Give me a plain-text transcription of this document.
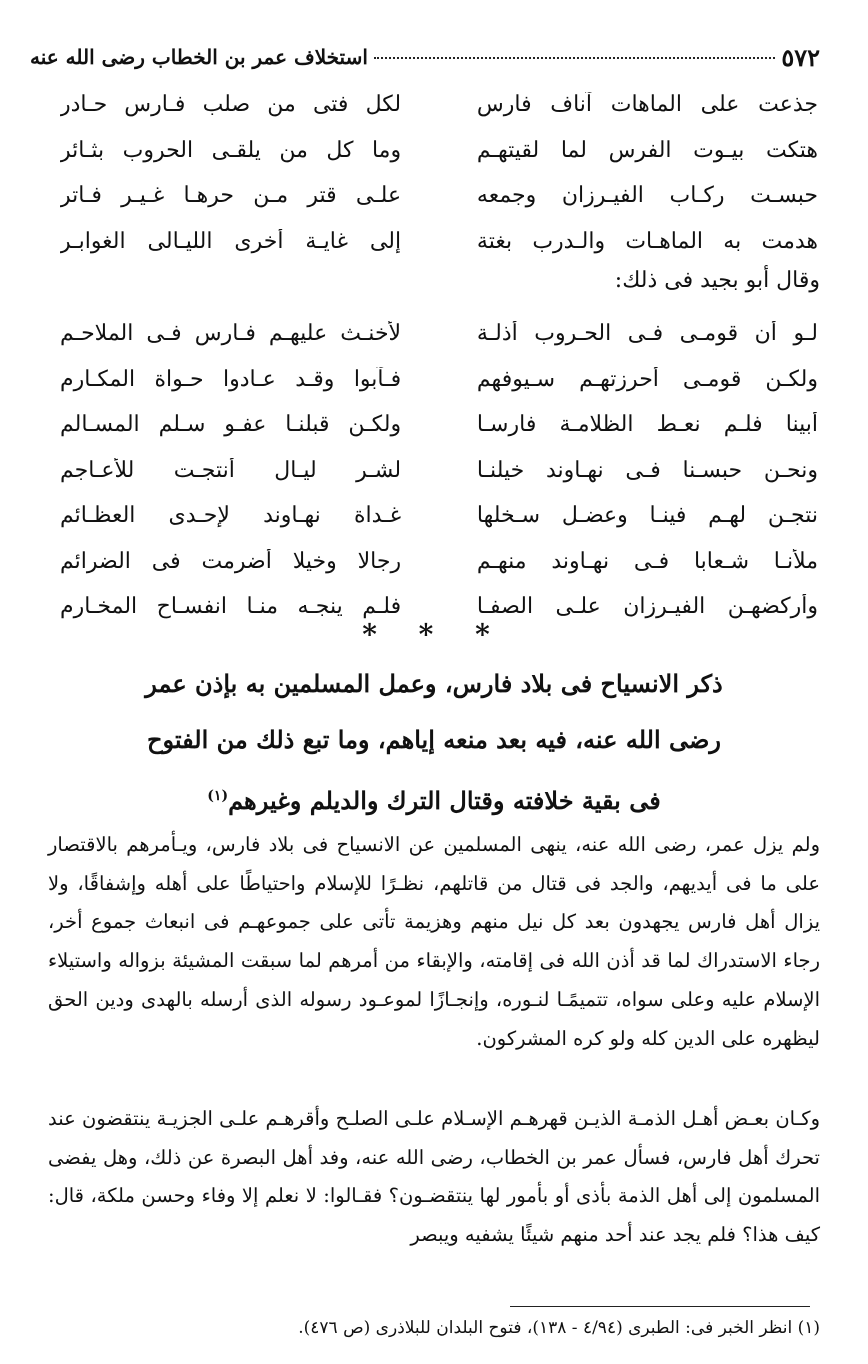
٥٧٢
استخلاف عمر بن الخطاب رضى الله عنه
جذعت على الماهات آناف فارس
لكل فتى من صلب فـارس حـادر
هتكت بيـوت الفرس لما لقيتهـم
وما كل من يلقـى الحروب بثـائر
حبسـت ركـاب الفيـرزان وجمعه
علـى قتر مـن حرهـا غـيـر فـاتر
هدمت به الماهـات والـدرب بغتة
إلى غايـة أخرى الليـالى الغوابـر
وقال أبو بجيد فى ذلك:
لـو أن قومـى فـى الحـروب أذلـة
لأخنـث عليهـم فـارس فـى الملاحـم
ولكـن قومـى أحرزتهـم سـيوفهم
فـآبوا وقـد عـادوا حـواة المكـارم
أبينا فلـم نعـط الظلامـة فارسـا
ولكـن قبلنـا عفـو سـلم المسـالم
ونحـن حبسـنا فـى نهـاوند خيلنـا
لشـر ليـال أنتجـت للأعـاجم
نتجـن لهـم فينـا وعضـل سـخلها
غـداة نهـاوند لإحـدى العظـائم
ملأنـا شـعابا فـى نهـاوند منهـم
رجالا وخيلا أضرمت فى الضرائم
وأركضهـن الفيـرزان علـى الصفـا
فلـم ينجـه منـا انفسـاح المخـارم
* * *
ذكر الانسياح فى بلاد فارس، وعمل المسلمين به بإذن عمر
رضى الله عنه، فيه بعد منعه إياهم، وما تبع ذلك من الفتوح
فى بقية خلافته وقتال الترك والديلم وغيرهم$^{(١)}$

ولم يزل عمر، رضى الله عنه، ينهى المسلمين عن الانسياح فى بلاد فارس، ويـأمرهم بالاقتصار على ما فى أيديهم، والجد فى قتال من قاتلهم، نظـرًا للإسلام واحتياطًا على أهله وإشفاقًا، ولا يزال أهل فارس يجهدون بعد كل نيل منهم وهزيمة تأتى على جموعهـم فى انبعاث جموع أخر، رجاء الاستدراك لما قد أذن الله فى إقامته، والإبقاء من أمرهم لما سبقت المشيئة بزواله واستيلاء الإسلام عليه وعلى سواه، تتميمًـا لنـوره، وإنجـازًا لموعـود رسوله الذى أرسله بالهدى ودين الحق ليظهره على الدين كله ولو كره المشركون.

وكـان بعـض أهـل الذمـة الذيـن قهرهـم الإسـلام علـى الصلـح وأقرهـم علـى الجزيـة ينتقضون عند تحرك أهل فارس، فسأل عمر بن الخطاب، رضى الله عنه، وفد أهل البصرة عن ذلك، وهل يفضى المسلمون إلى أهل الذمة بأذى أو بأمور لها ينتقضـون؟ فقـالوا: لا نعلم إلا وفاء وحسن ملكة، قال: كيف هذا؟ فلم يجد عند أحد منهم شيئًا يشفيه ويبصر

(١) انظر الخبر فى: الطبرى (٤/٩٤ - ١٣٨)، فتوح البلدان للبلاذرى (ص ٤٧٦).
